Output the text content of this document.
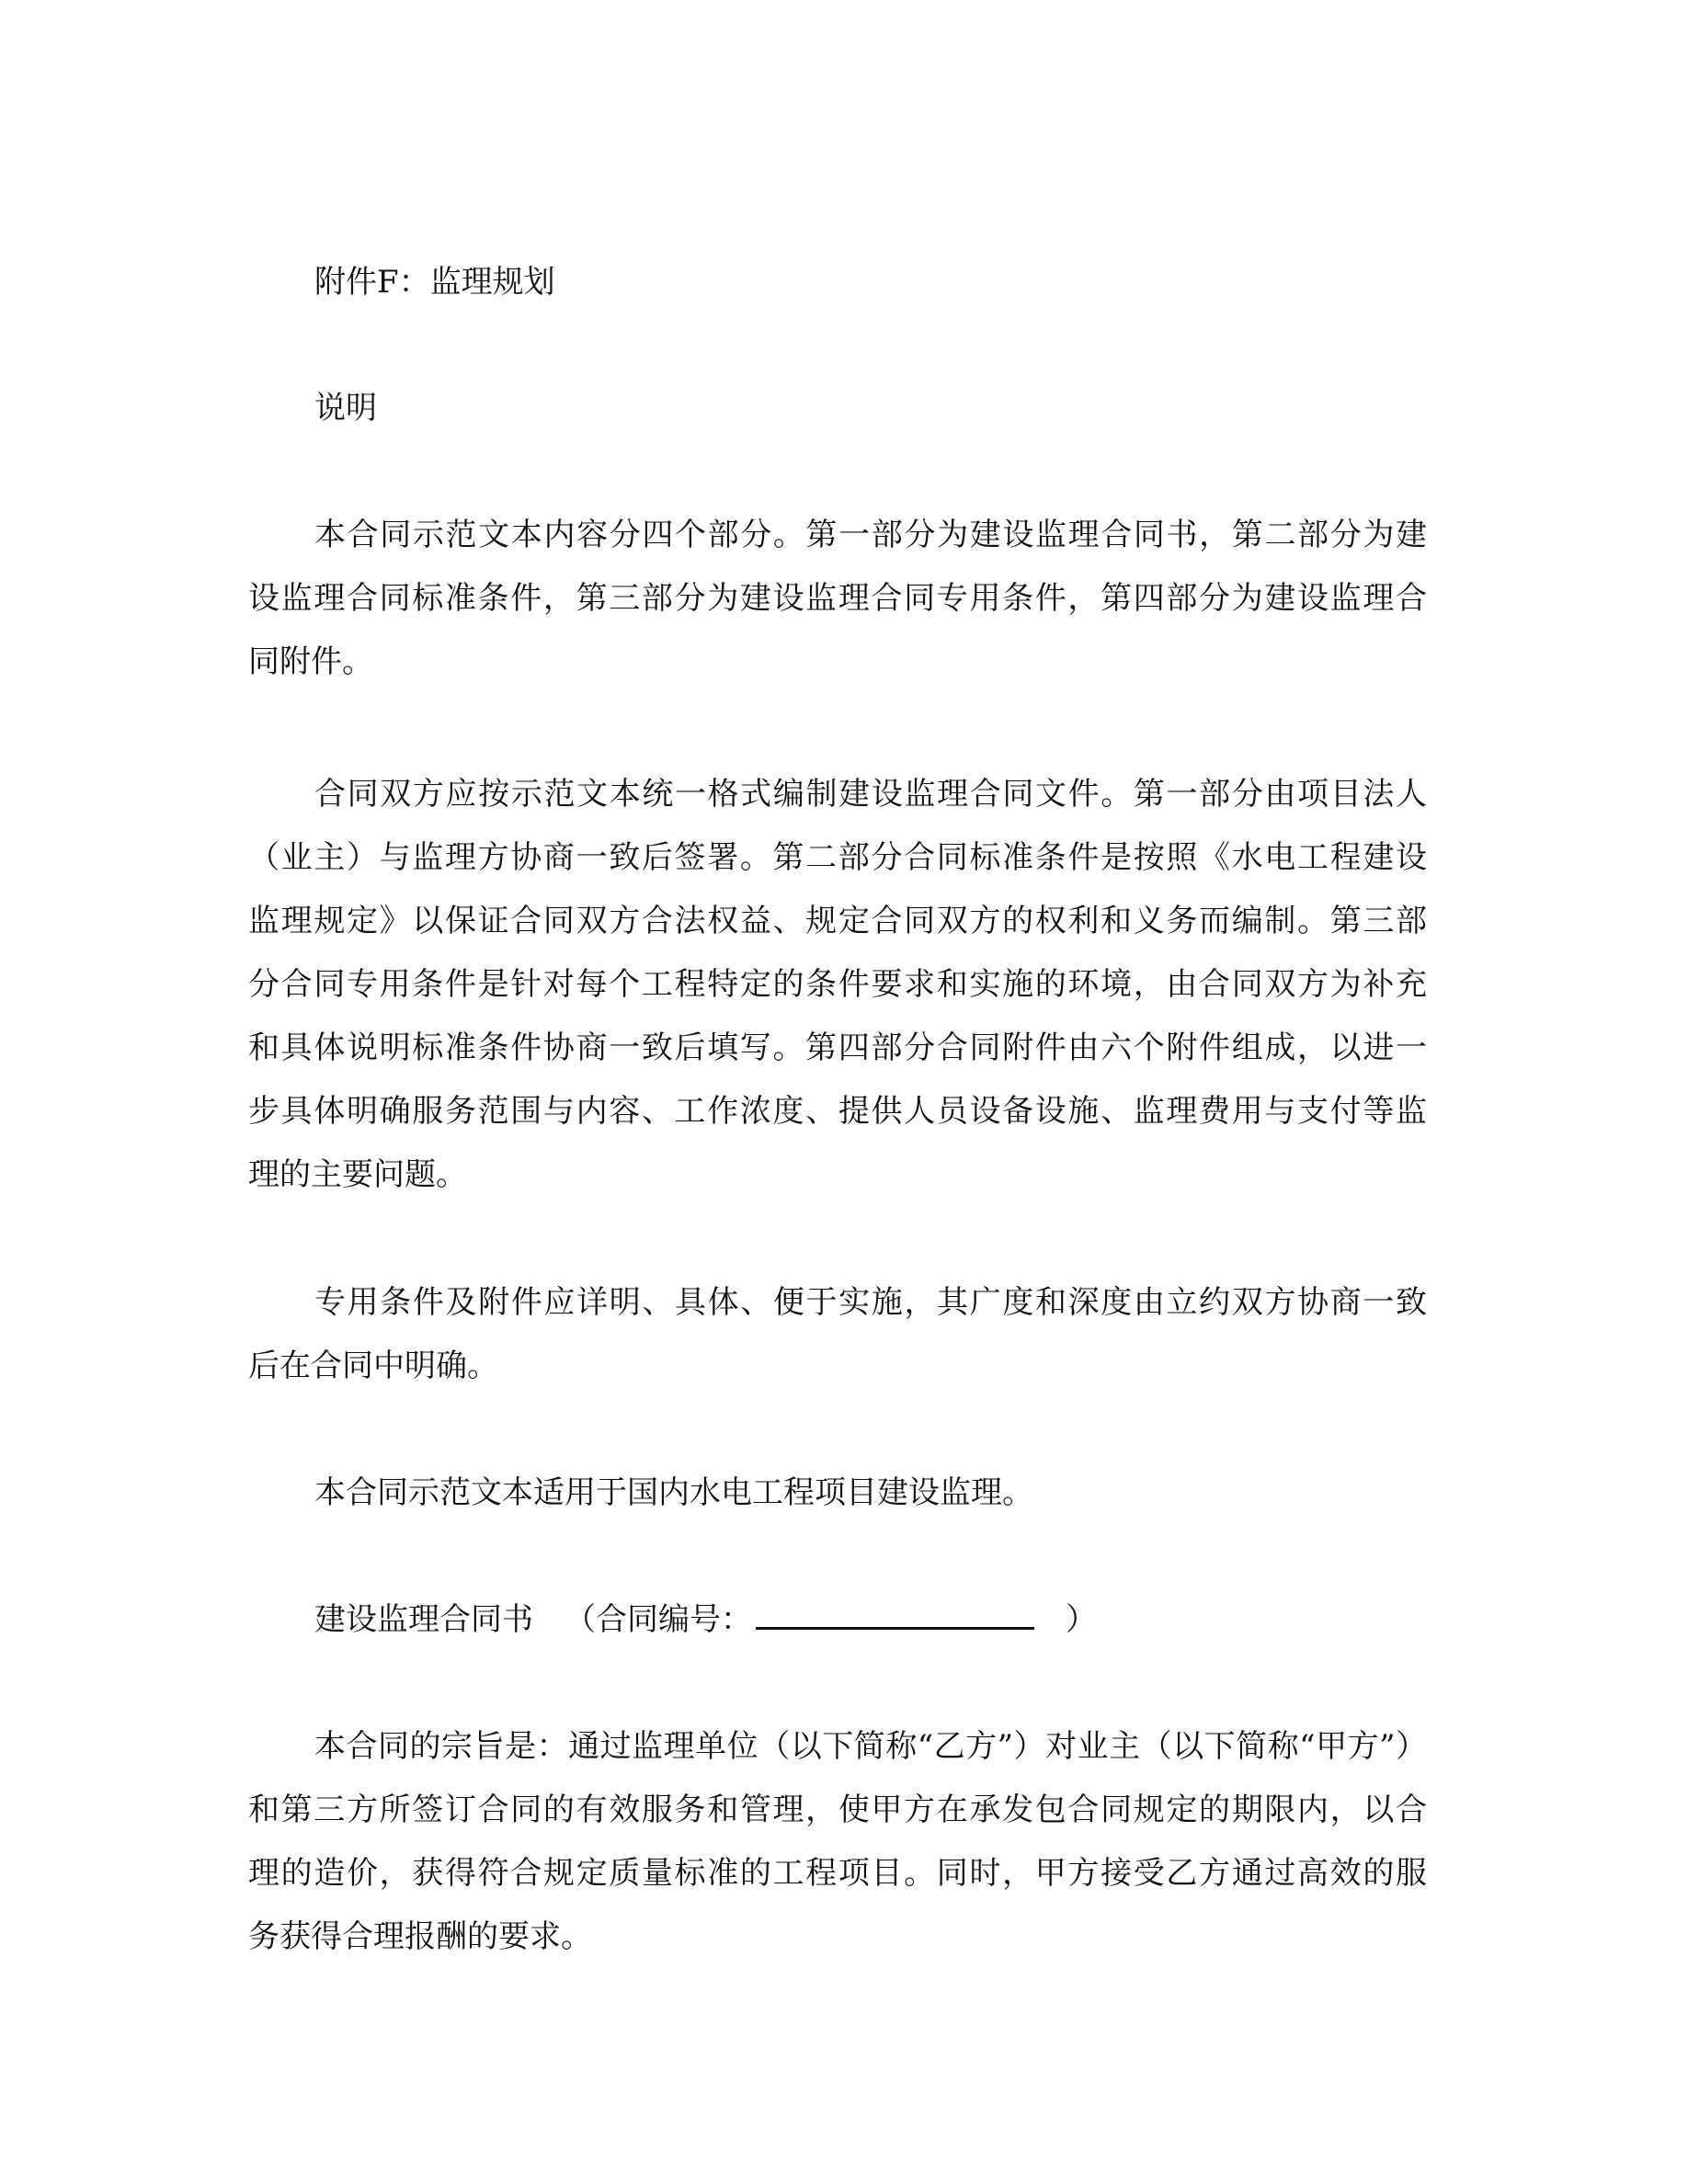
附件F：监理规划
说明
本合同示范文本内容分四个部分。第一部分为建设监理合同书，第二部分为建
设监理合同标准条件，第三部分为建设监理合同专用条件，第四部分为建设监理合
同附件。
合同双方应按示范文本统一格式编制建设监理合同文件。第一部分由项目法人
（业主）与监理方协商一致后签署。第二部分合同标准条件是按照《水电工程建设
监理规定》以保证合同双方合法权益、规定合同双方的权利和义务而编制。第三部
分合同专用条件是针对每个工程特定的条件要求和实施的环境，由合同双方为补充
和具体说明标准条件协商一致后填写。第四部分合同附件由六个附件组成，以进一
步具体明确服务范围与内容、工作浓度、提供人员设备设施、监理费用与支付等监
理的主要问题。
专用条件及附件应详明、具体、便于实施，其广度和深度由立约双方协商一致
后在合同中明确。
本合同示范文本适用于国内水电工程项目建设监理。
建设监理合同书 （合同编号：	）
本合同的宗旨是：通过监理单位（以下简称“乙方”）对业主（以下简称“甲方”）
和第三方所签订合同的有效服务和管理，使甲方在承发包合同规定的期限内，以合
理的造价，获得符合规定质量标准的工程项目。同时，甲方接受乙方通过高效的服
务获得合理报酬的要求。
